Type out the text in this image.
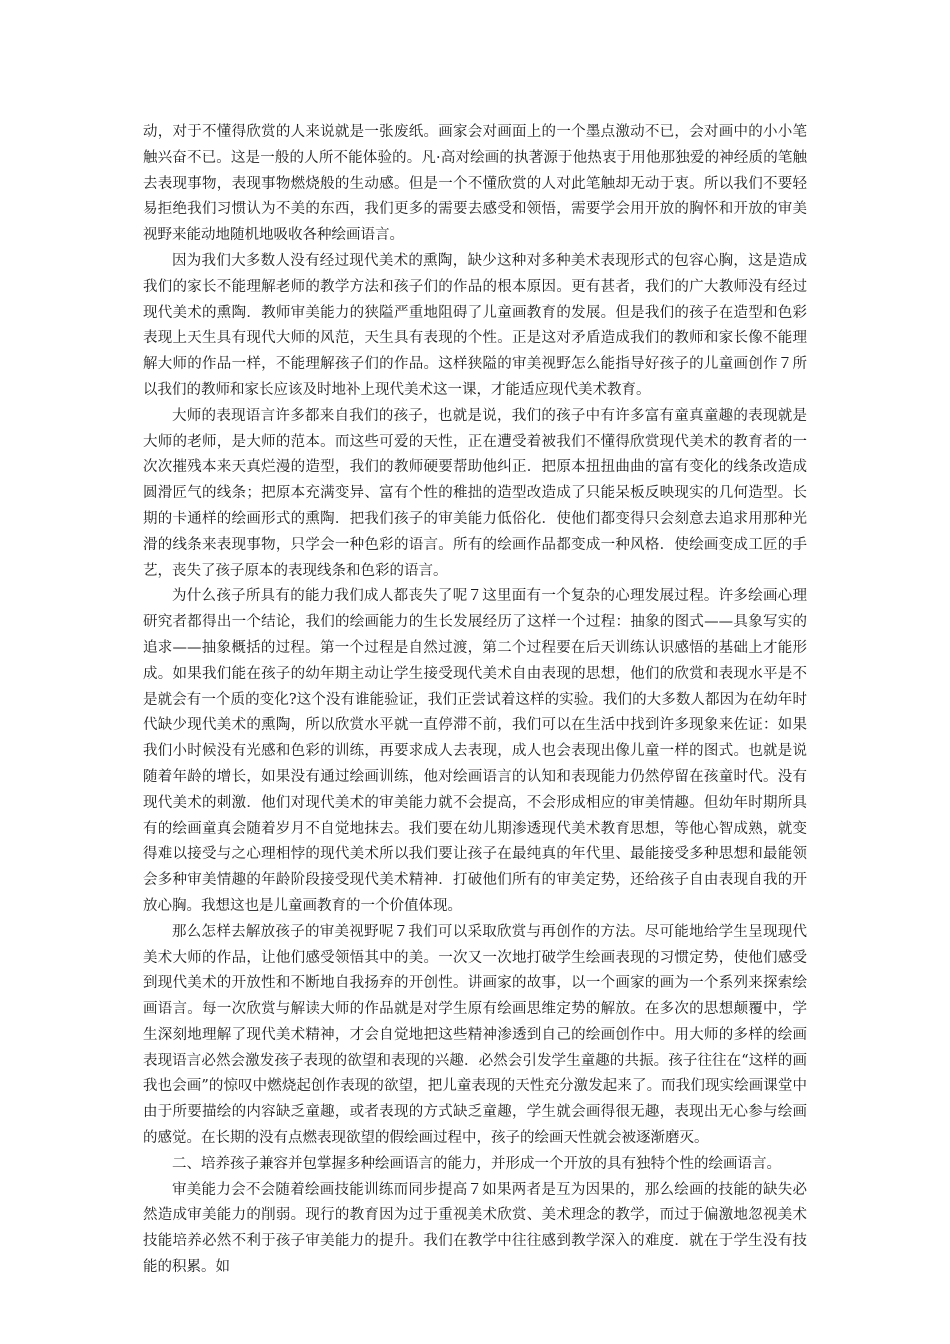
动，对于不懂得欣赏的人来说就是一张废纸。画家会对画面上的一个墨点激动不已，会对画中的小小笔触兴奋不已。这是一般的人所不能体验的。凡·高对绘画的执著源于他热衷于用他那独爱的神经质的笔触去表现事物，表现事物燃烧般的生动感。但是一个不懂欣赏的人对此笔触却无动于衷。所以我们不要轻易拒绝我们习惯认为不美的东西，我们更多的需要去感受和领悟，需要学会用开放的胸怀和开放的审美视野来能动地随机地吸收各种绘画语言。

因为我们大多数人没有经过现代美术的熏陶，缺少这种对多种美术表现形式的包容心胸，这是造成我们的家长不能理解老师的教学方法和孩子们的作品的根本原因。更有甚者，我们的广大教师没有经过现代美术的熏陶．教师审美能力的狭隘严重地阻碍了儿童画教育的发展。但是我们的孩子在造型和色彩表现上天生具有现代大师的风范，天生具有表现的个性。正是这对矛盾造成我们的教师和家长像不能理解大师的作品一样，不能理解孩子们的作品。这样狭隘的审美视野怎么能指导好孩子的儿童画创作７所以我们的教师和家长应该及时地补上现代美术这一课，才能适应现代美术教育。

大师的表现语言许多都来自我们的孩子，也就是说，我们的孩子中有许多富有童真童趣的表现就是大师的老师，是大师的范本。而这些可爱的天性，正在遭受着被我们不懂得欣赏现代美术的教育者的一次次摧残本来天真烂漫的造型，我们的教师硬要帮助他纠正．把原本扭扭曲曲的富有变化的线条改造成圆滑匠气的线条；把原本充满变异、富有个性的稚拙的造型改造成了只能呆板反映现实的几何造型。长期的卡通样的绘画形式的熏陶．把我们孩子的审美能力低俗化．使他们都变得只会刻意去追求用那种光滑的线条来表现事物，只学会一种色彩的语言。所有的绘画作品都变成一种风格．使绘画变成工匠的手艺，丧失了孩子原本的表现线条和色彩的语言。

为什么孩子所具有的能力我们成人都丧失了呢７这里面有一个复杂的心理发展过程。许多绘画心理研究者都得出一个结论，我们的绘画能力的生长发展经历了这样一个过程：抽象的图式——具象写实的追求——抽象概括的过程。第一个过程是自然过渡，第二个过程要在后天训练认识感悟的基础上才能形成。如果我们能在孩子的幼年期主动让学生接受现代美术自由表现的思想，他们的欣赏和表现水平是不是就会有一个质的变化?这个没有谁能验证，我们正尝试着这样的实验。我们的大多数人都因为在幼年时代缺少现代美术的熏陶，所以欣赏水平就一直停滞不前，我们可以在生活中找到许多现象来佐证：如果我们小时候没有光感和色彩的训练，再要求成人去表现，成人也会表现出像儿童一样的图式。也就是说随着年龄的增长，如果没有通过绘画训练，他对绘画语言的认知和表现能力仍然停留在孩童时代。没有现代美术的刺激．他们对现代美术的审美能力就不会提高，不会形成相应的审美情趣。但幼年时期所具有的绘画童真会随着岁月不自觉地抹去。我们要在幼儿期渗透现代美术教育思想，等他心智成熟，就变得难以接受与之心理相悖的现代美术所以我们要让孩子在最纯真的年代里、最能接受多种思想和最能领会多种审美情趣的年龄阶段接受现代美术精神．打破他们所有的审美定势，还给孩子自由表现自我的开放心胸。我想这也是儿童画教育的一个价值体现。

那么怎样去解放孩子的审美视野呢７我们可以采取欣赏与再创作的方法。尽可能地给学生呈现现代美术大师的作品，让他们感受领悟其中的美。一次又一次地打破学生绘画表现的习惯定势，使他们感受到现代美术的开放性和不断地自我扬弃的开创性。讲画家的故事，以一个画家的画为一个系列来探索绘画语言。每一次欣赏与解读大师的作品就是对学生原有绘画思维定势的解放。在多次的思想颠覆中，学生深刻地理解了现代美术精神，才会自觉地把这些精神渗透到自己的绘画创作中。用大师的多样的绘画表现语言必然会激发孩子表现的欲望和表现的兴趣．必然会引发学生童趣的共振。孩子往往在“这样的画我也会画”的惊叹中燃烧起创作表现的欲望，把儿童表现的天性充分激发起来了。而我们现实绘画课堂中由于所要描绘的内容缺乏童趣，或者表现的方式缺乏童趣，学生就会画得很无趣，表现出无心参与绘画的感觉。在长期的没有点燃表现欲望的假绘画过程中，孩子的绘画天性就会被逐渐磨灭。

二、培养孩子兼容并包掌握多种绘画语言的能力，并形成一个开放的具有独特个性的绘画语言。

审美能力会不会随着绘画技能训练而同步提高７如果两者是互为因果的，那么绘画的技能的缺失必然造成审美能力的削弱。现行的教育因为过于重视美术欣赏、美术理念的教学，而过于偏激地忽视美术技能培养必然不利于孩子审美能力的提升。我们在教学中往往感到教学深入的难度．就在于学生没有技能的积累。如
